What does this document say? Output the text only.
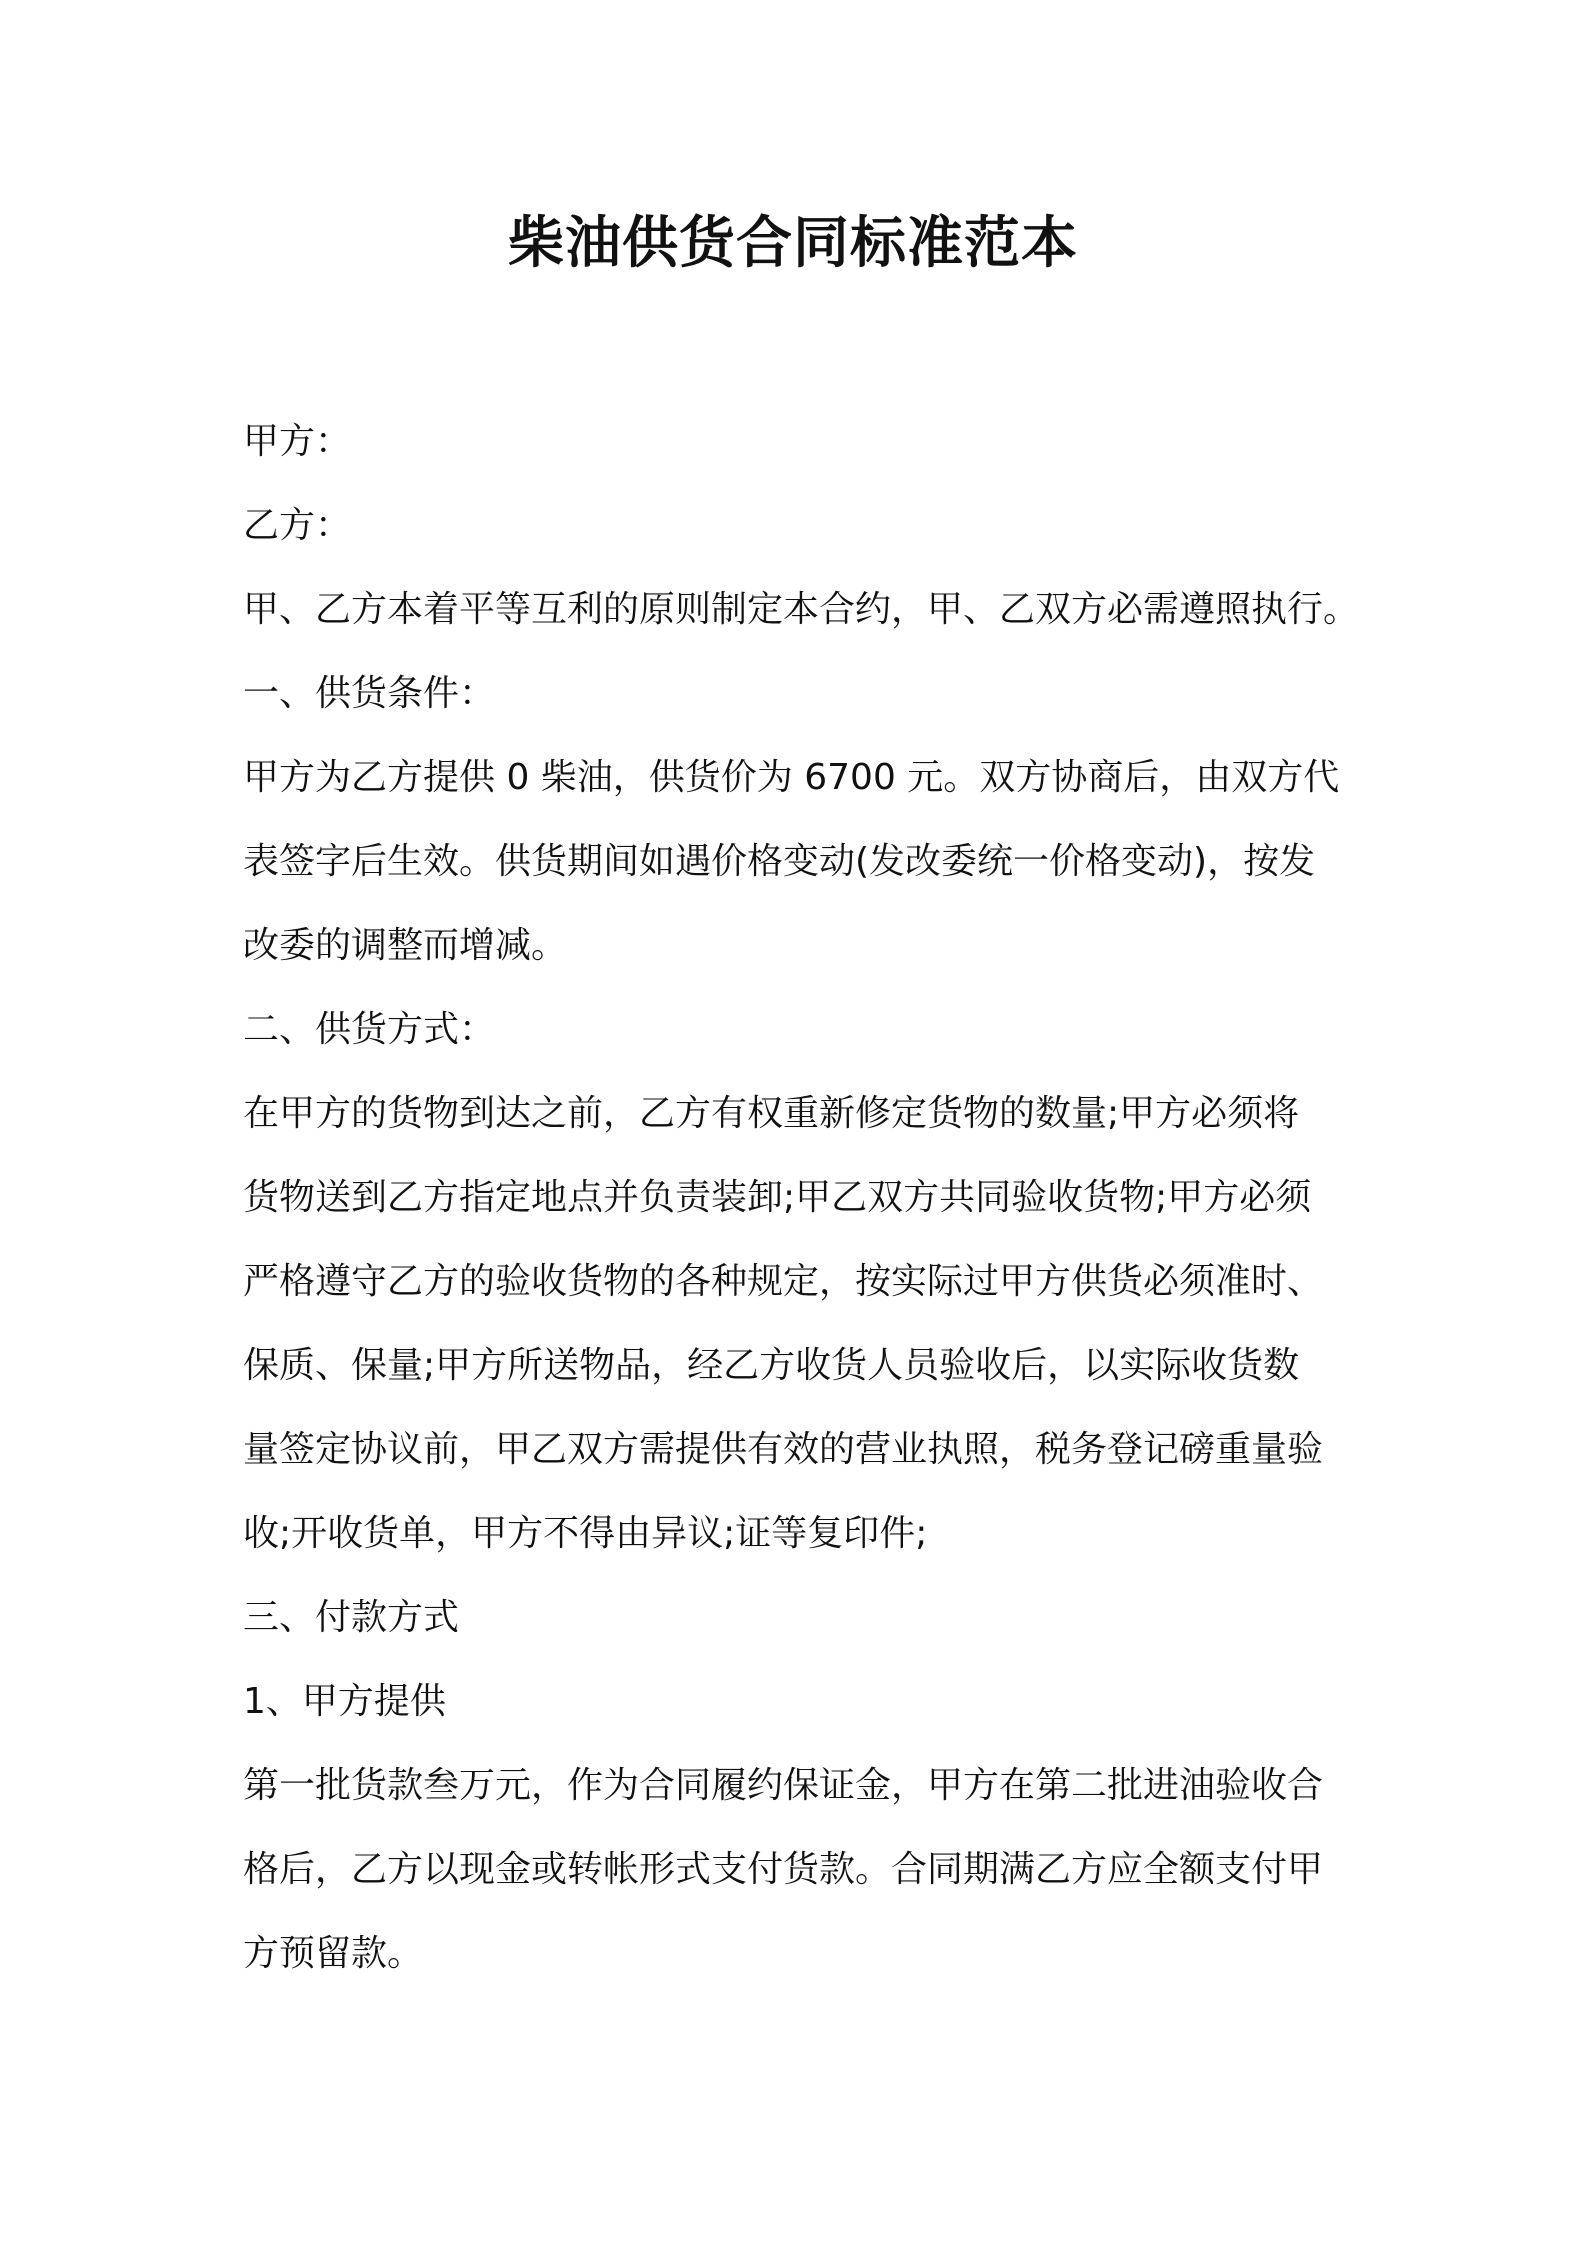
柴油供货合同标准范本
甲方：
乙方：
甲、乙方本着平等互利的原则制定本合约，甲、乙双方必需遵照执行。
一、供货条件：
甲方为乙方提供 0 柴油，供货价为 6700 元。双方协商后，由双方代
表签字后生效。供货期间如遇价格变动(发改委统一价格变动)，按发
改委的调整而增减。
二、供货方式：
在甲方的货物到达之前，乙方有权重新修定货物的数量;甲方必须将
货物送到乙方指定地点并负责装卸;甲乙双方共同验收货物;甲方必须
严格遵守乙方的验收货物的各种规定，按实际过甲方供货必须准时、
保质、保量;甲方所送物品，经乙方收货人员验收后，以实际收货数
量签定协议前，甲乙双方需提供有效的营业执照，税务登记磅重量验
收;开收货单，甲方不得由异议;证等复印件;
三、付款方式
1、甲方提供
第一批货款叁万元，作为合同履约保证金，甲方在第二批进油验收合
格后，乙方以现金或转帐形式支付货款。合同期满乙方应全额支付甲
方预留款。
